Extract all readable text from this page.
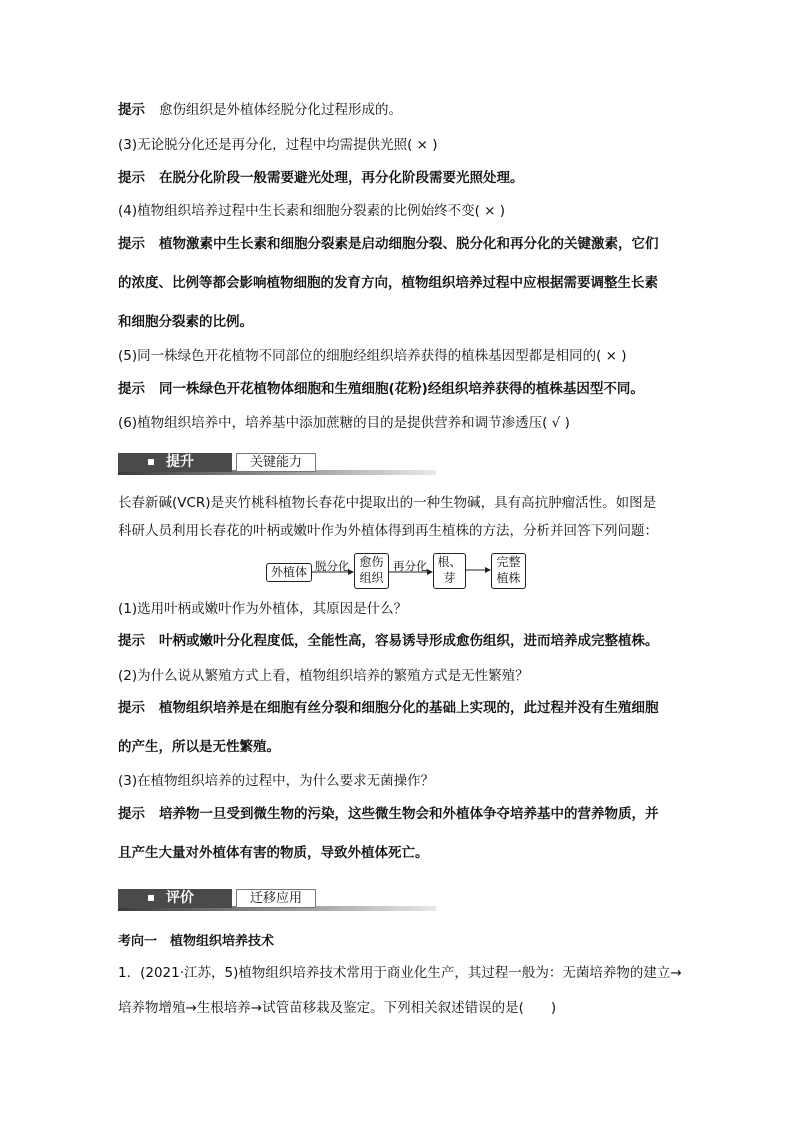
提示 愈伤组织是外植体经脱分化过程形成的。
(3)无论脱分化还是再分化，过程中均需提供光照( × )
提示 在脱分化阶段一般需要避光处理，再分化阶段需要光照处理。
(4)植物组织培养过程中生长素和细胞分裂素的比例始终不变( × )
提示 植物激素中生长素和细胞分裂素是启动细胞分裂、脱分化和再分化的关键激素，它们
的浓度、比例等都会影响植物细胞的发育方向，植物组织培养过程中应根据需要调整生长素
和细胞分裂素的比例。
(5)同一株绿色开花植物不同部位的细胞经组织培养获得的植株基因型都是相同的( × )
提示 同一株绿色开花植物体细胞和生殖细胞(花粉)经组织培养获得的植株基因型不同。
(6)植物组织培养中，培养基中添加蔗糖的目的是提供营养和调节渗透压( √ )
提升	关键能力
长春新碱(VCR)是夹竹桃科植物长春花中提取出的一种生物碱，具有高抗肿瘤活性。如图是
科研人员利用长春花的叶柄或嫩叶作为外植体得到再生植株的方法，分析并回答下列问题：
外植体 脱分化 愈伤
组织
再分化 根、
芽
完整
植株
(1)选用叶柄或嫩叶作为外植体，其原因是什么？
提示 叶柄或嫩叶分化程度低，全能性高，容易诱导形成愈伤组织，进而培养成完整植株。
(2)为什么说从繁殖方式上看，植物组织培养的繁殖方式是无性繁殖？
提示 植物组织培养是在细胞有丝分裂和细胞分化的基础上实现的，此过程并没有生殖细胞
的产生，所以是无性繁殖。
(3)在植物组织培养的过程中，为什么要求无菌操作？
提示 培养物一旦受到微生物的污染，这些微生物会和外植体争夺培养基中的营养物质，并
且产生大量对外植体有害的物质，导致外植体死亡。
评价	迁移应用
考向一　植物组织培养技术
1．(2021·江苏，5)植物组织培养技术常用于商业化生产，其过程一般为：无菌培养物的建立→
培养物增殖→生根培养→试管苗移栽及鉴定。下列相关叙述错误的是(　　)
